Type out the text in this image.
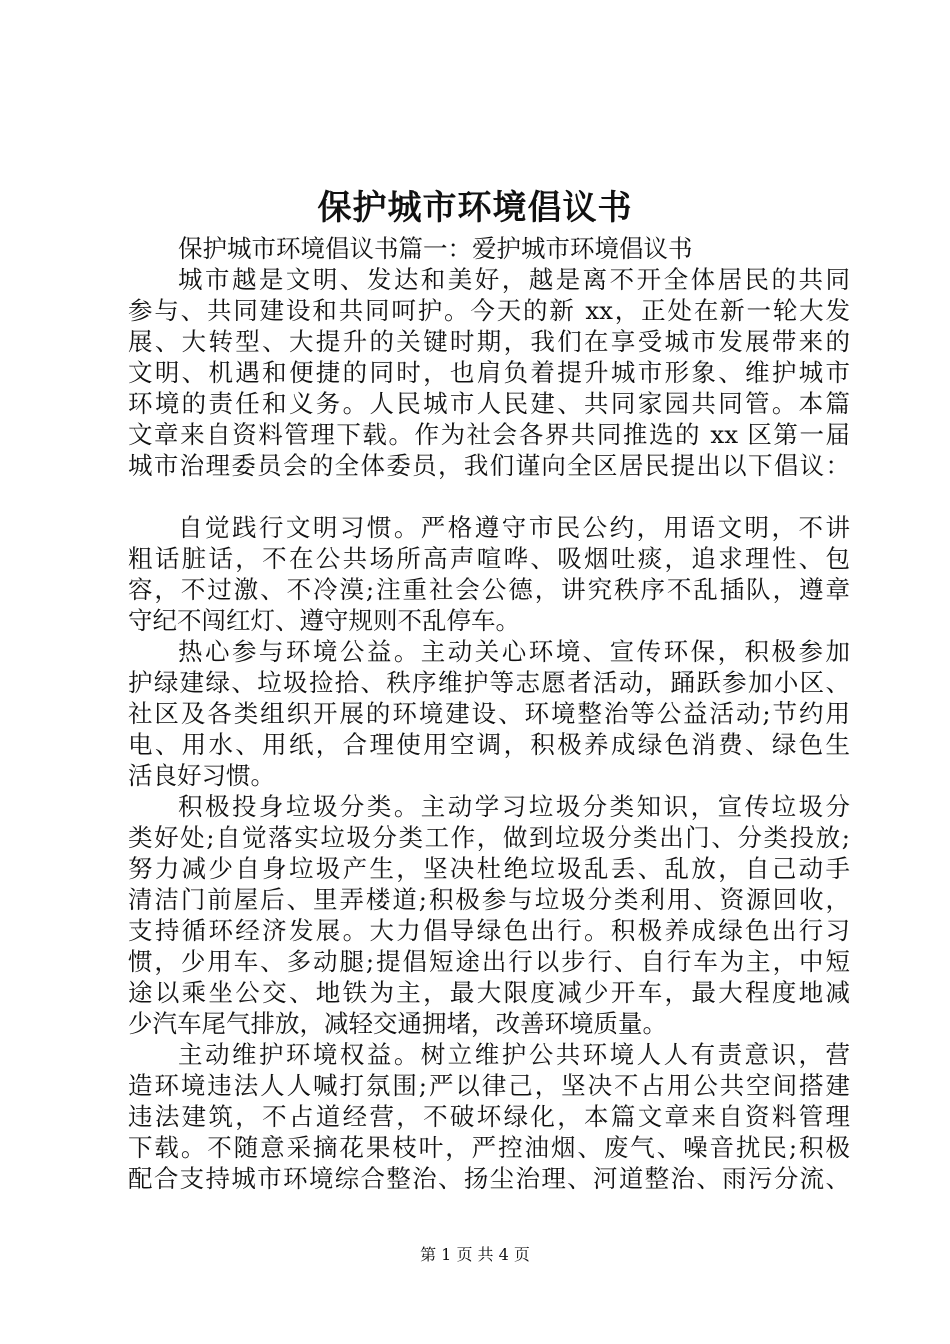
保护城市环境倡议书
保护城市环境倡议书篇一：爱护城市环境倡议书
城市越是文明、发达和美好，越是离不开全体居民的共同
参与、共同建设和共同呵护。今天的新 xx，正处在新一轮大发
展、大转型、大提升的关键时期，我们在享受城市发展带来的
文明、机遇和便捷的同时，也肩负着提升城市形象、维护城市
环境的责任和义务。人民城市人民建、共同家园共同管。本篇
文章来自资料管理下载。作为社会各界共同推选的 xx 区第一届
城市治理委员会的全体委员，我们谨向全区居民提出以下倡议：
自觉践行文明习惯。严格遵守市民公约，用语文明，不讲
粗话脏话，不在公共场所高声喧哗、吸烟吐痰，追求理性、包
容，不过激、不冷漠;注重社会公德，讲究秩序不乱插队，遵章
守纪不闯红灯、遵守规则不乱停车。
热心参与环境公益。主动关心环境、宣传环保，积极参加
护绿建绿、垃圾捡拾、秩序维护等志愿者活动，踊跃参加小区、
社区及各类组织开展的环境建设、环境整治等公益活动;节约用
电、用水、用纸，合理使用空调，积极养成绿色消费、绿色生
活良好习惯。
积极投身垃圾分类。主动学习垃圾分类知识，宣传垃圾分
类好处;自觉落实垃圾分类工作，做到垃圾分类出门、分类投放;
努力减少自身垃圾产生，坚决杜绝垃圾乱丢、乱放，自己动手
清洁门前屋后、里弄楼道;积极参与垃圾分类利用、资源回收，
支持循环经济发展。大力倡导绿色出行。积极养成绿色出行习
惯，少用车、多动腿;提倡短途出行以步行、自行车为主，中短
途以乘坐公交、地铁为主，最大限度减少开车，最大程度地减
少汽车尾气排放，减轻交通拥堵，改善环境质量。
主动维护环境权益。树立维护公共环境人人有责意识，营
造环境违法人人喊打氛围;严以律己，坚决不占用公共空间搭建
违法建筑，不占道经营，不破坏绿化，本篇文章来自资料管理
下载。不随意采摘花果枝叶，严控油烟、废气、噪音扰民;积极
配合支持城市环境综合整治、扬尘治理、河道整治、雨污分流、
第 1 页 共 4 页
